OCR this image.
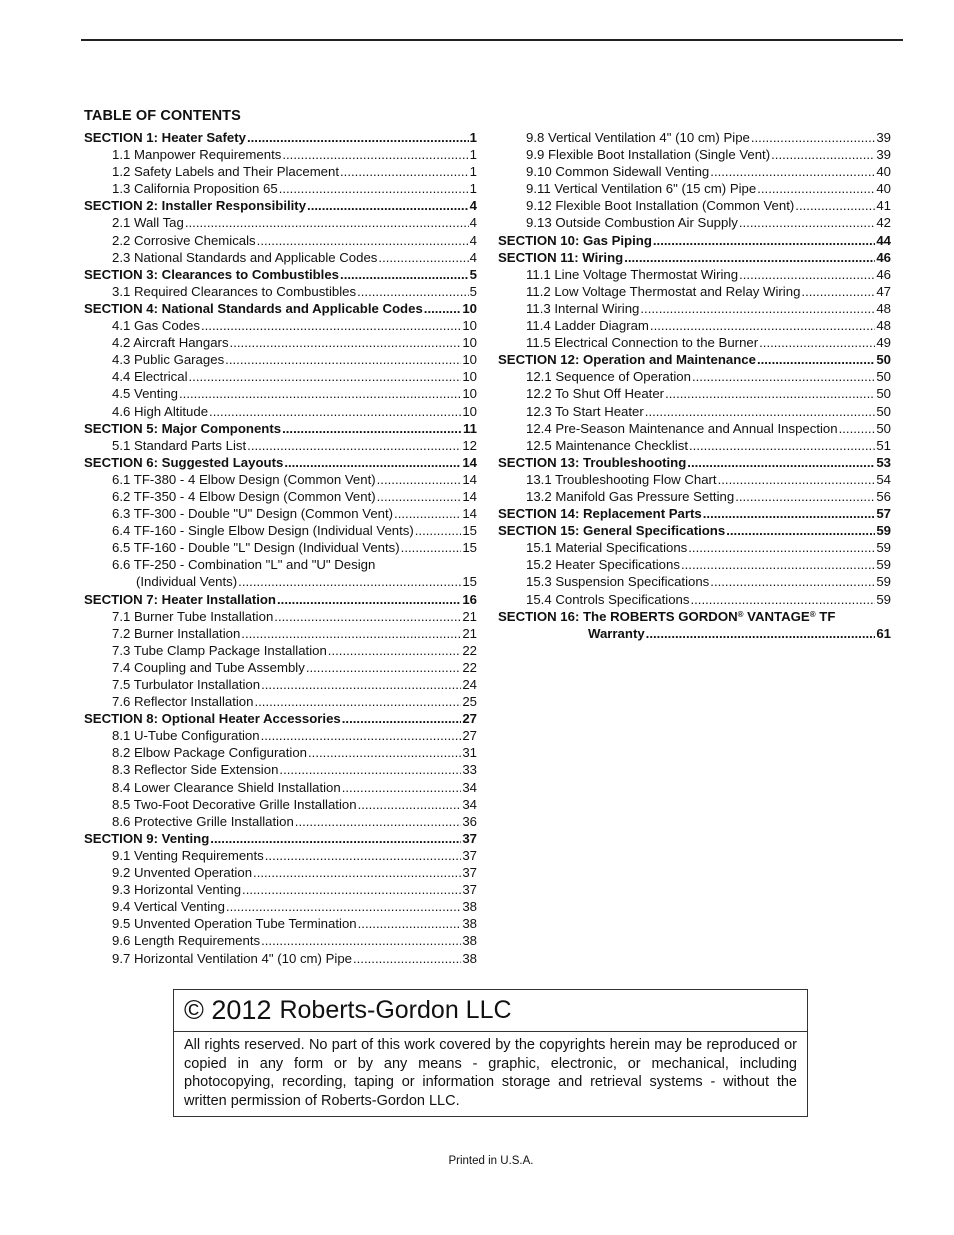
TABLE OF CONTENTS
SECTION 1: Heater Safety .....	1
1.1 Manpower Requirements .....	1
1.2 Safety Labels and Their Placement .....	1
1.3 California Proposition 65 .....	1
SECTION 2: Installer Responsibility .....	4
2.1 Wall Tag .....	4
2.2 Corrosive Chemicals .....	4
2.3 National Standards and Applicable Codes .....	4
SECTION 3: Clearances to Combustibles .....	5
3.1 Required Clearances to Combustibles .....	5
SECTION 4: National Standards and Applicable Codes .....	10
4.1 Gas Codes .....	10
4.2 Aircraft Hangars .....	10
4.3 Public Garages .....	10
4.4 Electrical .....	10
4.5 Venting .....	10
4.6 High Altitude .....	10
SECTION 5: Major Components .....	11
5.1 Standard Parts List .....	12
SECTION 6: Suggested Layouts .....	14
6.1 TF-380 - 4 Elbow Design (Common Vent) .....	14
6.2 TF-350 - 4 Elbow Design (Common Vent) .....	14
6.3 TF-300 - Double "U" Design (Common Vent) .....	14
6.4 TF-160 - Single Elbow Design (Individual Vents) .....	15
6.5 TF-160 - Double "L" Design (Individual Vents) .....	15
6.6 TF-250 - Combination "L" and "U" Design
(Individual Vents) .....	15
SECTION 7: Heater Installation .....	16
7.1 Burner Tube Installation .....	21
7.2 Burner Installation .....	21
7.3 Tube Clamp Package Installation .....	22
7.4 Coupling and Tube Assembly .....	22
7.5 Turbulator Installation .....	24
7.6 Reflector Installation .....	25
SECTION 8: Optional Heater Accessories .....	27
8.1 U-Tube Configuration .....	27
8.2 Elbow Package Configuration .....	31
8.3 Reflector Side Extension .....	33
8.4 Lower Clearance Shield Installation .....	34
8.5 Two-Foot Decorative Grille Installation .....	34
8.6 Protective Grille Installation .....	36
SECTION 9: Venting .....	37
9.1 Venting Requirements .....	37
9.2 Unvented Operation .....	37
9.3 Horizontal Venting .....	37
9.4 Vertical Venting .....	38
9.5 Unvented Operation Tube Termination .....	38
9.6 Length Requirements .....	38
9.7 Horizontal Ventilation 4" (10 cm) Pipe .....	38
9.8 Vertical Ventilation 4" (10 cm) Pipe .....	39
9.9 Flexible Boot Installation (Single Vent) .....	39
9.10 Common Sidewall Venting .....	40
9.11 Vertical Ventilation 6" (15 cm) Pipe .....	40
9.12 Flexible Boot Installation (Common Vent) .....	41
9.13 Outside Combustion Air Supply .....	42
SECTION 10: Gas Piping .....	44
SECTION 11: Wiring .....	46
11.1 Line Voltage Thermostat Wiring .....	46
11.2 Low Voltage Thermostat and Relay Wiring .....	47
11.3 Internal Wiring .....	48
11.4 Ladder Diagram .....	48
11.5 Electrical Connection to the Burner .....	49
SECTION 12: Operation and Maintenance .....	50
12.1 Sequence of Operation .....	50
12.2 To Shut Off Heater .....	50
12.3 To Start Heater .....	50
12.4 Pre-Season Maintenance and Annual Inspection .....	50
12.5 Maintenance Checklist .....	51
SECTION 13: Troubleshooting .....	53
13.1 Troubleshooting Flow Chart .....	54
13.2 Manifold Gas Pressure Setting .....	56
SECTION 14: Replacement Parts .....	57
SECTION 15: General Specifications .....	59
15.1 Material Specifications .....	59
15.2 Heater Specifications .....	59
15.3 Suspension Specifications .....	59
15.4 Controls Specifications .....	59
SECTION 16: The ROBERTS GORDON® VANTAGE® TF
Warranty .....	61
© 2012 Roberts-Gordon LLC
All rights reserved. No part of this work covered by the copyrights herein may be reproduced or copied in any form or by any means - graphic, electronic, or mechanical, including photocopying, recording, taping or information storage and retrieval systems - without the written permission of Roberts-Gordon LLC.
Printed in U.S.A.
